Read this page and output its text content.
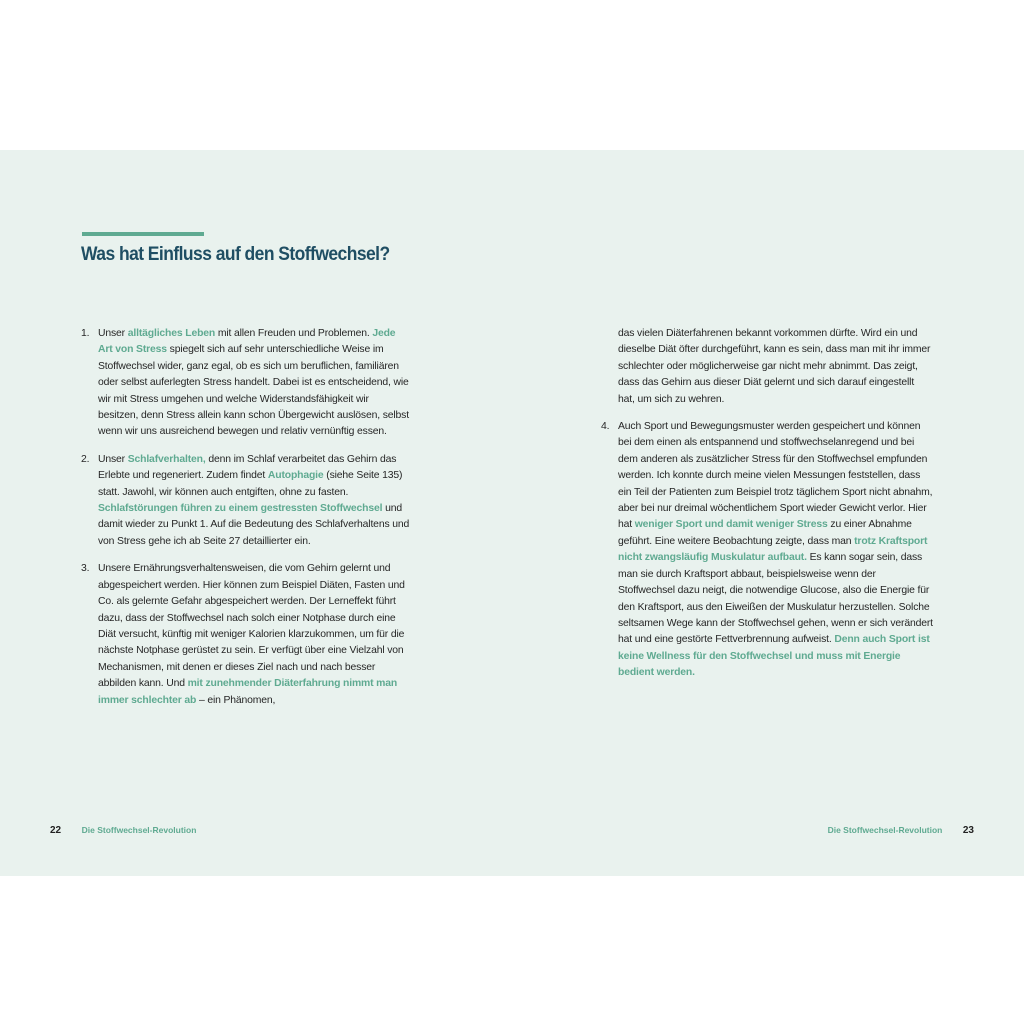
Was hat Einfluss auf den Stoffwechsel?
1. Unser alltägliches Leben mit allen Freuden und Problemen. Jede Art von Stress spiegelt sich auf sehr unterschiedliche Weise im Stoffwechsel wider, ganz egal, ob es sich um beruflichen, familiären oder selbst auferlegten Stress handelt. Dabei ist es entscheidend, wie wir mit Stress umgehen und welche Widerstandsfähigkeit wir besitzen, denn Stress allein kann schon Übergewicht auslösen, selbst wenn wir uns ausreichend bewegen und relativ vernünftig essen.
2. Unser Schlafverhalten, denn im Schlaf verarbeitet das Gehirn das Erlebte und regeneriert. Zudem findet Autophagie (siehe Seite 135) statt. Jawohl, wir können auch entgiften, ohne zu fasten. Schlafstörungen führen zu einem gestressten Stoffwechsel und damit wieder zu Punkt 1. Auf die Bedeutung des Schlafverhaltens und von Stress gehe ich ab Seite 27 detaillierter ein.
3. Unsere Ernährungsverhaltensweisen, die vom Gehirn gelernt und abgespeichert werden. Hier können zum Beispiel Diäten, Fasten und Co. als gelernte Gefahr abgespeichert werden. Der Lerneffekt führt dazu, dass der Stoffwechsel nach solch einer Notphase durch eine Diät versucht, künftig mit weniger Kalorien klarzukommen, um für die nächste Notphase gerüstet zu sein. Er verfügt über eine Vielzahl von Mechanismen, mit denen er dieses Ziel nach und nach besser abbilden kann. Und mit zunehmender Diäterfahrung nimmt man immer schlechter ab – ein Phänomen,

das vielen Diäterfahrenen bekannt vorkommen dürfte. Wird ein und dieselbe Diät öfter durchgeführt, kann es sein, dass man mit ihr immer schlechter oder möglicherweise gar nicht mehr abnimmt. Das zeigt, dass das Gehirn aus dieser Diät gelernt und sich darauf eingestellt hat, um sich zu wehren.

4. Auch Sport und Bewegungsmuster werden gespeichert und können bei dem einen als entspannend und stoffwechselanregend und bei dem anderen als zusätzlicher Stress für den Stoffwechsel empfunden werden. Ich konnte durch meine vielen Messungen feststellen, dass ein Teil der Patienten zum Beispiel trotz täglichem Sport nicht abnahm, aber bei nur dreimal wöchentlichem Sport wieder Gewicht verlor. Hier hat weniger Sport und damit weniger Stress zu einer Abnahme geführt. Eine weitere Beobachtung zeigte, dass man trotz Kraftsport nicht zwangsläufig Muskulatur aufbaut. Es kann sogar sein, dass man sie durch Kraftsport abbaut, beispielsweise wenn der Stoffwechsel dazu neigt, die notwendige Glucose, also die Energie für den Kraftsport, aus den Eiweißen der Muskulatur herzustellen. Solche seltsamen Wege kann der Stoffwechsel gehen, wenn er sich verändert hat und eine gestörte Fettverbrennung aufweist. Denn auch Sport ist keine Wellness für den Stoffwechsel und muss mit Energie bedient werden.
22 Die Stoffwechsel-Revolution	Die Stoffwechsel-Revolution 23
